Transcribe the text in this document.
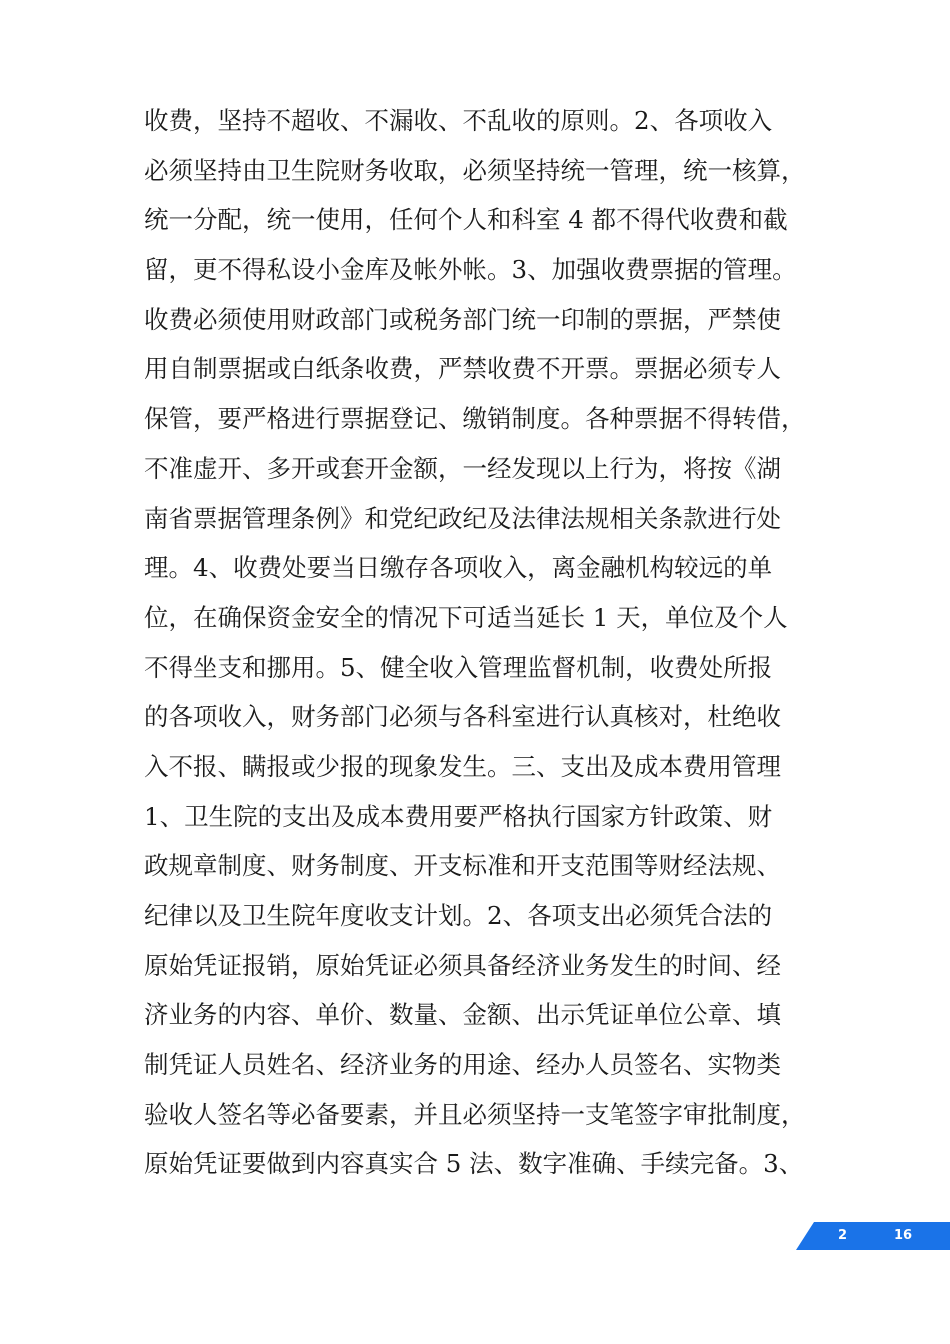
收费，坚持不超收、不漏收、不乱收的原则。2、各项收入
必须坚持由卫生院财务收取，必须坚持统一管理，统一核算，
统一分配，统一使用，任何个人和科室 4 都不得代收费和截
留，更不得私设小金库及帐外帐。3、加强收费票据的管理。
收费必须使用财政部门或税务部门统一印制的票据，严禁使
用自制票据或白纸条收费，严禁收费不开票。票据必须专人
保管，要严格进行票据登记、缴销制度。各种票据不得转借，
不准虚开、多开或套开金额，一经发现以上行为，将按《湖
南省票据管理条例》和党纪政纪及法律法规相关条款进行处
理。4、收费处要当日缴存各项收入，离金融机构较远的单
位，在确保资金安全的情况下可适当延长 1 天，单位及个人
不得坐支和挪用。5、健全收入管理监督机制，收费处所报
的各项收入，财务部门必须与各科室进行认真核对，杜绝收
入不报、瞒报或少报的现象发生。三、支出及成本费用管理
1、卫生院的支出及成本费用要严格执行国家方针政策、财
政规章制度、财务制度、开支标准和开支范围等财经法规、
纪律以及卫生院年度收支计划。2、各项支出必须凭合法的
原始凭证报销，原始凭证必须具备经济业务发生的时间、经
济业务的内容、单价、数量、金额、出示凭证单位公章、填
制凭证人员姓名、经济业务的用途、经办人员签名、实物类
验收人签名等必备要素，并且必须坚持一支笔签字审批制度，
原始凭证要做到内容真实合 5 法、数字准确、手续完备。3、
2	16
